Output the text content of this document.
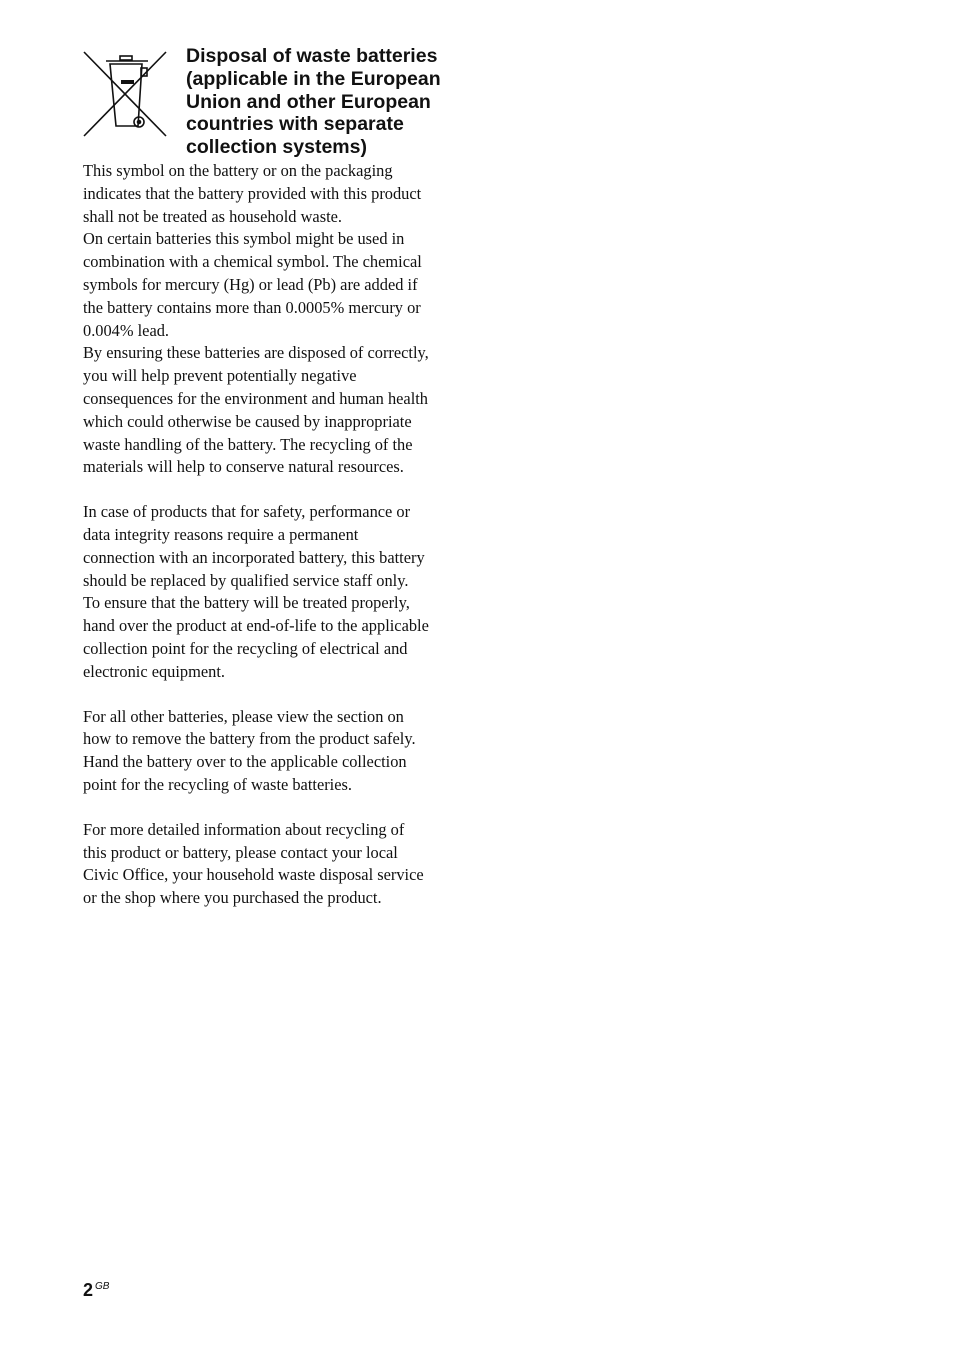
Disposal of waste batteries
(applicable in the European
Union and other European
countries with separate
collection systems)

This symbol on the battery or on the packaging
indicates that the battery provided with this product
shall not be treated as household waste.

On certain batteries this symbol might be used in
combination with a chemical symbol. The chemical
symbols for mercury (Hg) or lead (Pb) are added if
the battery contains more than 0.0005% mercury or
0.004% lead.

By ensuring these batteries are disposed of correctly,
you will help prevent potentially negative
consequences for the environment and human health
which could otherwise be caused by inappropriate
waste handling of the battery. The recycling of the
materials will help to conserve natural resources.

In case of products that for safety, performance or
data integrity reasons require a permanent
connection with an incorporated battery, this battery
should be replaced by qualified service staff only.
To ensure that the battery will be treated properly,
hand over the product at end-of-life to the applicable
collection point for the recycling of electrical and
electronic equipment.

For all other batteries, please view the section on
how to remove the battery from the product safely.
Hand the battery over to the applicable collection
point for the recycling of waste batteries.

For more detailed information about recycling of
this product or battery, please contact your local
Civic Office, your household waste disposal service
or the shop where you purchased the product.

2 $^{GB}$
